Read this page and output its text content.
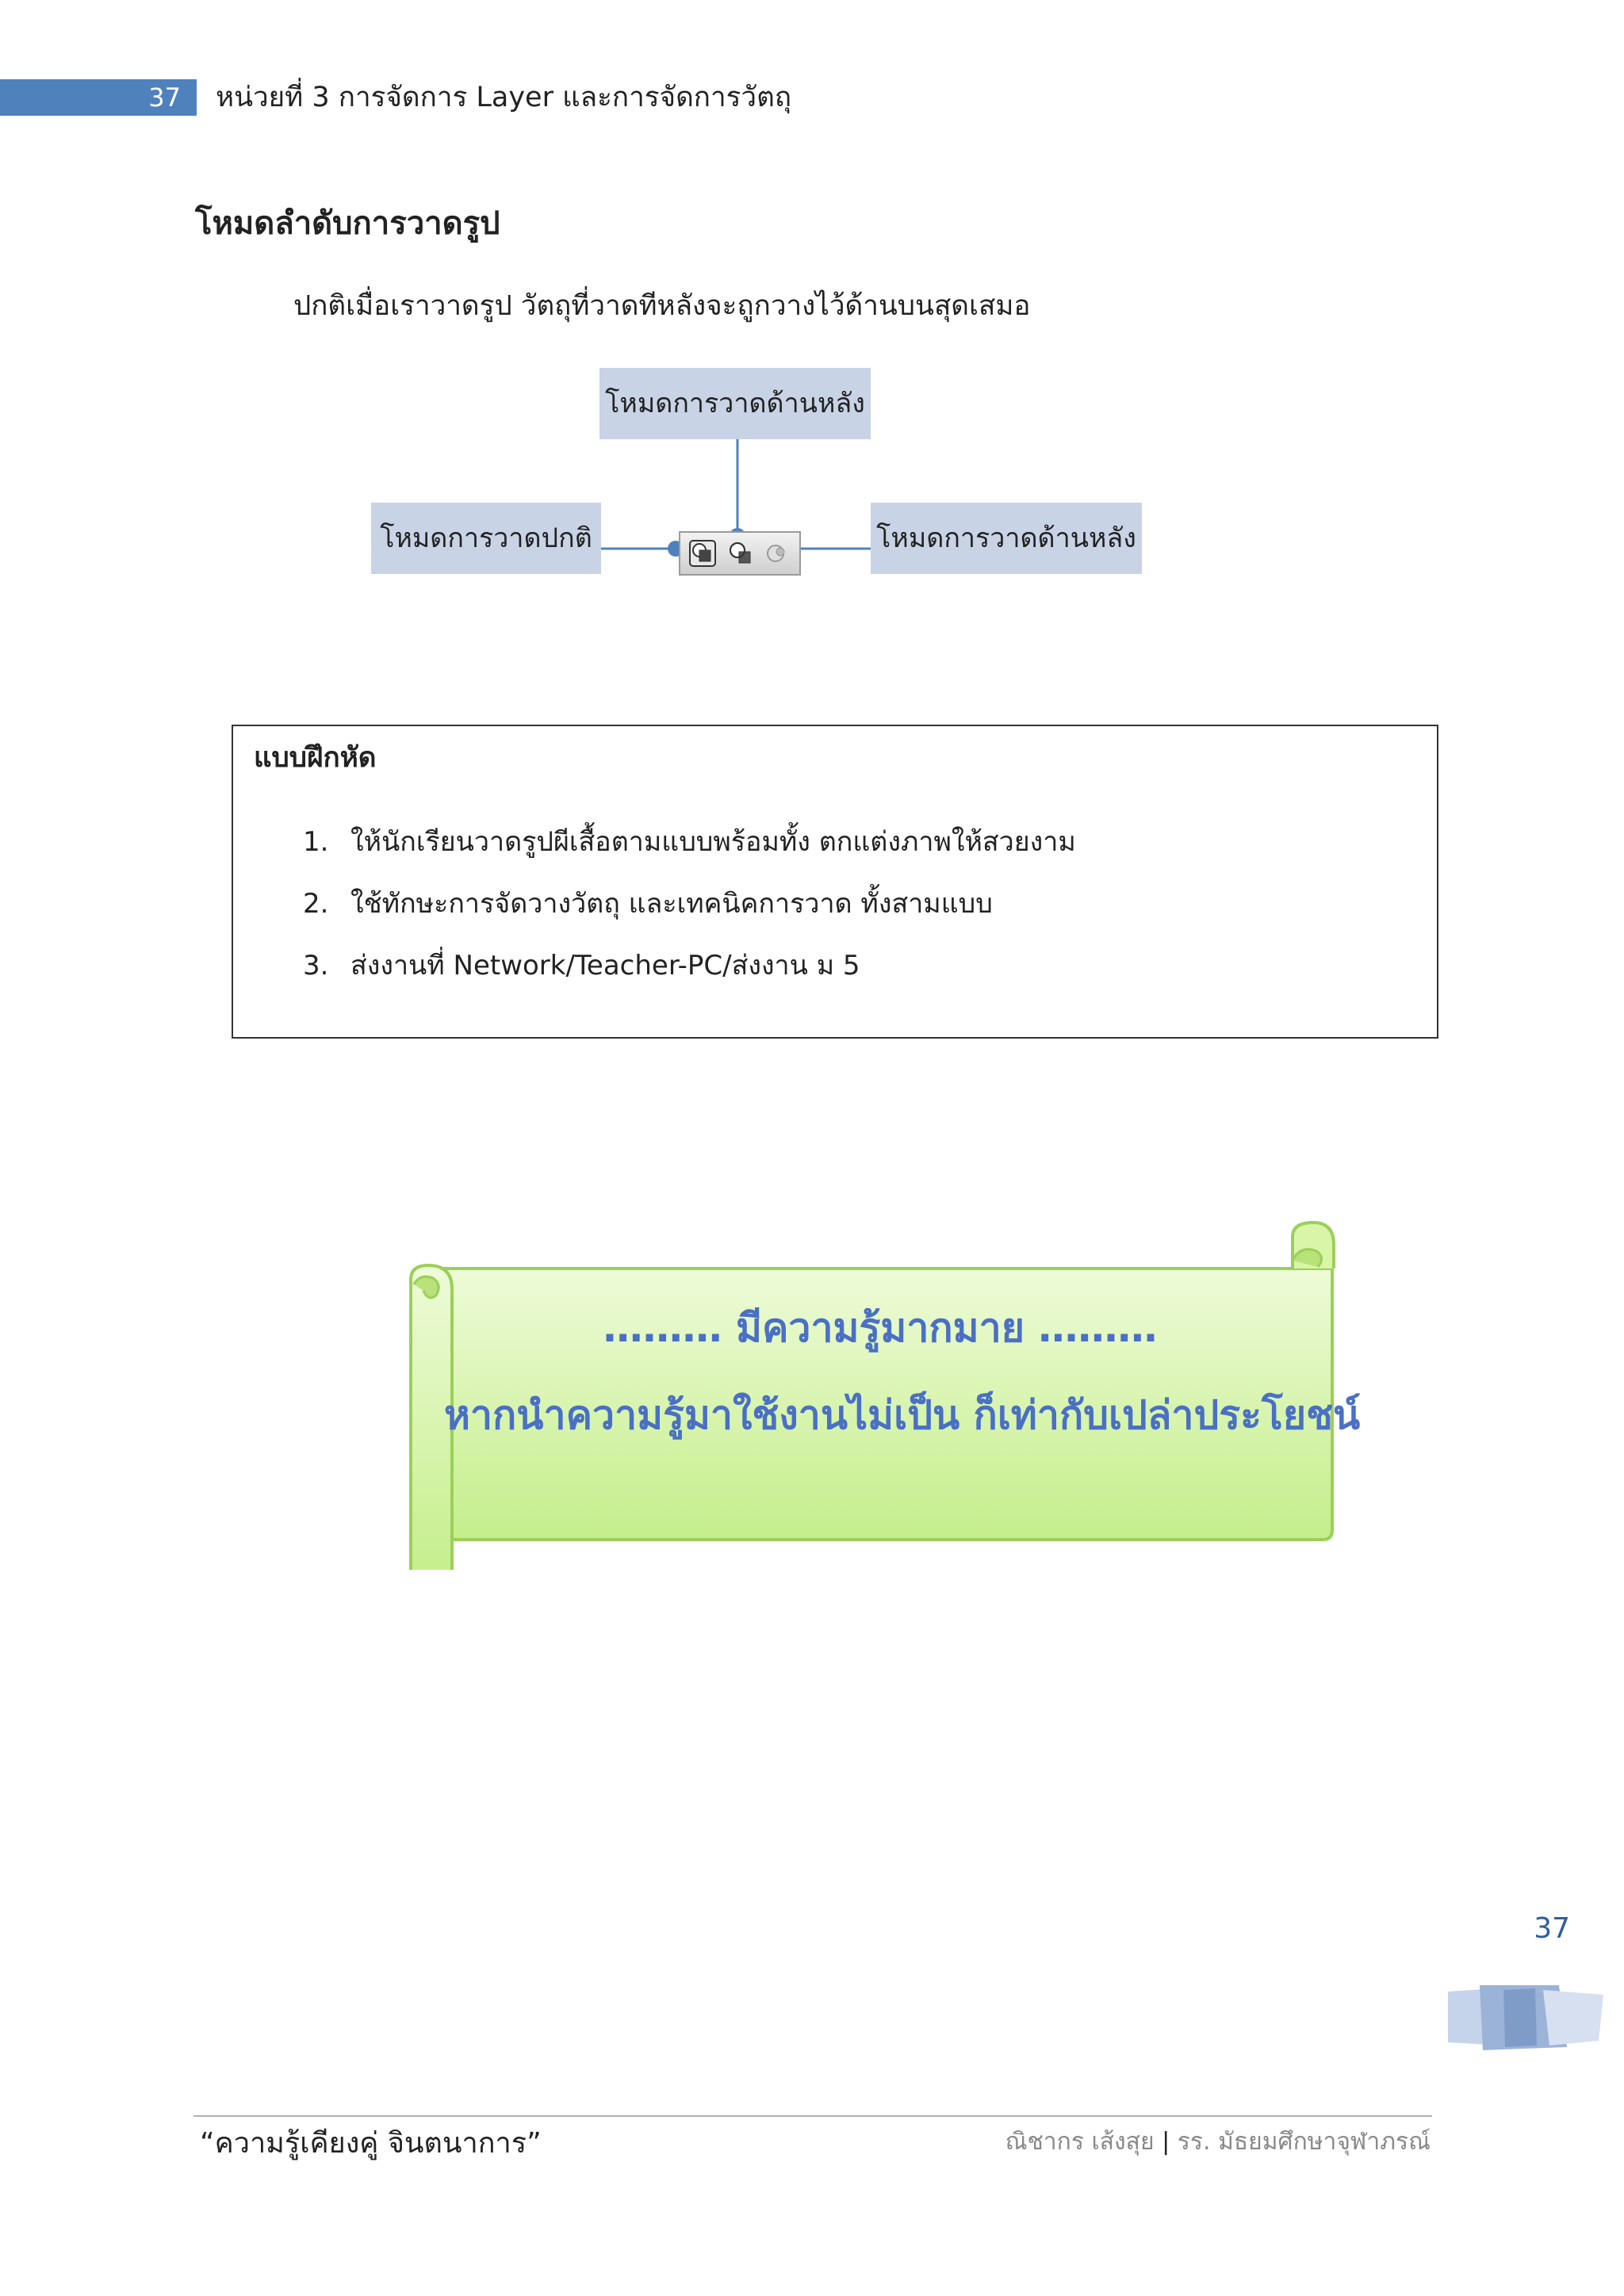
37 หน่วยที่ 3 การจัดการ Layer และการจัดการวัตถุ
โหมดลำดับการวาดรูป
ปกติเมื่อเราวาดรูป วัตถุที่วาดทีหลังจะถูกวางไว้ด้านบนสุดเสมอ
โหมดการวาดด้านหลัง
โหมดการวาดปกติ	โหมดการวาดด้านหลัง
แบบฝึกหัด
1. ให้นักเรียนวาดรูปผีเสื้อตามแบบพร้อมทั้ง ตกแต่งภาพให้สวยงาม
2. ใช้ทักษะการจัดวางวัตถุ และเทคนิคการวาด ทั้งสามแบบ
3. ส่งงานที่ Network/Teacher-PC/ส่งงาน ม 5
……… มีความรู้มากมาย ………
หากนำความรู้มาใช้งานไม่เป็น ก็เท่ากับเปล่าประโยชน์
37
“ความรู้เคียงคู่ จินตนาการ”	ณิชากร เส้งสุย | รร. มัธยมศึกษาจุฬาภรณ์
